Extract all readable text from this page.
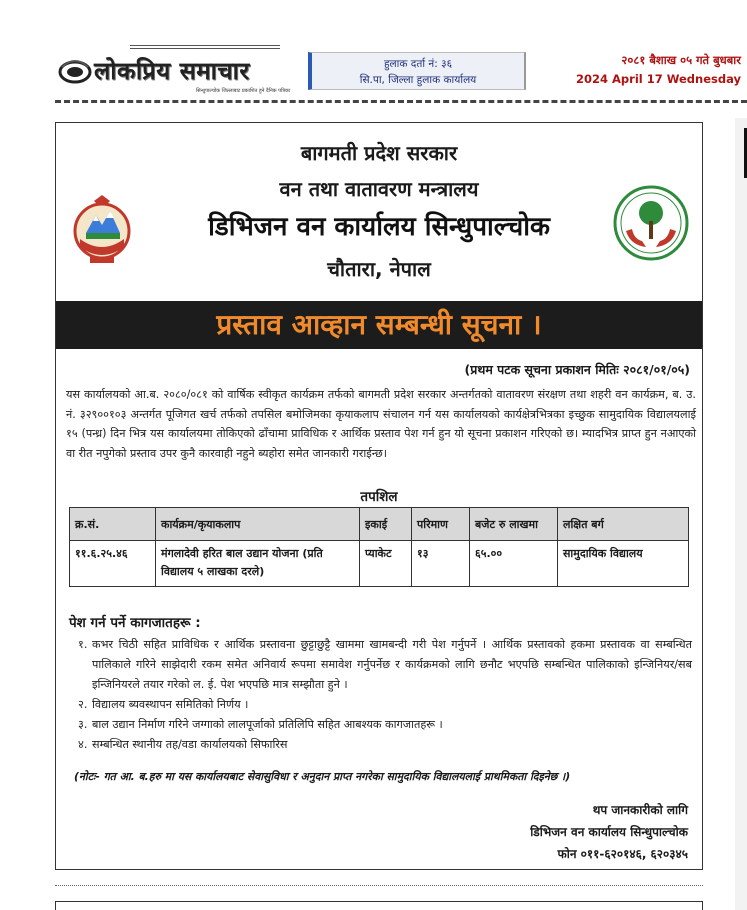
लोकप्रिय समाचार
सिन्धुपाल्चोक जिल्लाबाट प्रकाशित हुने दैनिक पत्रिका
हुलाक दर्ता नं: ३६
सि.पा, जिल्ला हुलाक कार्यालय
२०८१ बैशाख ०५ गते बुधबार
2024 April 17 Wednesday
बागमती प्रदेश सरकार
वन तथा वातावरण मन्त्रालय
डिभिजन वन कार्यालय सिन्धुपाल्चोक
चौतारा, नेपाल
प्रस्ताव आव्हान सम्बन्धी सूचना ।
(प्रथम पटक सूचना प्रकाशन मितिः २०८१/०१/०५)

यस कार्यालयको आ.ब. २०८०/०८१ को वार्षिक स्वीकृत कार्यक्रम तर्फको बागमती प्रदेश सरकार अन्तर्गतको वातावरण संरक्षण तथा शहरी वन कार्यक्रम, ब. उ. नं. ३२९००१०३ अन्तर्गत पूजिगत खर्च तर्फको तपसिल बमोजिमका कृयाकलाप संचालन गर्न यस कार्यालयको कार्यक्षेत्रभित्रका इच्छुक सामुदायिक विद्यालयलाई १५ (पन्ध्र) दिन भित्र यस कार्यालयमा तोकिएको ढाँचामा प्राविधिक र आर्थिक प्रस्ताव पेश गर्न हुन यो सूचना प्रकाशन गरिएको छ। म्यादभित्र प्राप्त हुन नआएको वा रीत नपुगेको प्रस्ताव उपर कुनै कारवाही नहुने ब्यहोरा समेत जानकारी गराईन्छ।

तपशिल
क्र.सं.	कार्यक्रम/कृयाकलाप	इकाई	परिमाण	बजेट रु लाखमा	लक्षित बर्ग
११.६.२५.४६	मंगलादेवी हरित बाल उद्यान योजना (प्रति विद्यालय ५ लाखका दरले)	प्याकेट	१३	६५.००	सामुदायिक विद्यालय
पेश गर्न पर्ने कागजातहरू :
१. कभर चिठी सहित प्राविधिक र आर्थिक प्रस्तावना छुट्टाछुट्टै खाममा खामबन्दी गरी पेश गर्नुपर्ने । आर्थिक प्रस्तावको हकमा प्रस्तावक वा सम्बन्धित पालिकाले गरिने साझेदारी रकम समेत अनिवार्य रूपमा समावेश गर्नुपर्नेछ र कार्यक्रमको लागि छनौट भएपछि सम्बन्धित पालिकाको इन्जिनियर/सब इन्जिनियरले तयार गरेको ल. ई. पेश भएपछि मात्र सम्झौता हुने ।
२. विद्यालय ब्यवस्थापन समितिको निर्णय ।
३. बाल उद्यान निर्माण गरिने जग्गाको लालपूर्जाको प्रतिलिपि सहित आबश्यक कागजातहरू ।
४. सम्बन्धित स्थानीय तह/वडा कार्यालयको सिफारिस
(नोटः- गत आ. ब.हरु मा यस कार्यालयबाट सेवासुविधा र अनुदान प्राप्त नगरेका सामुदायिक विद्यालयलाई प्राथमिकता दिइनेछ ।)
थप जानकारीको लागि
डिभिजन वन कार्यालय सिन्धुपाल्चोक
फोन ०११-६२०१४६, ६२०३४५
